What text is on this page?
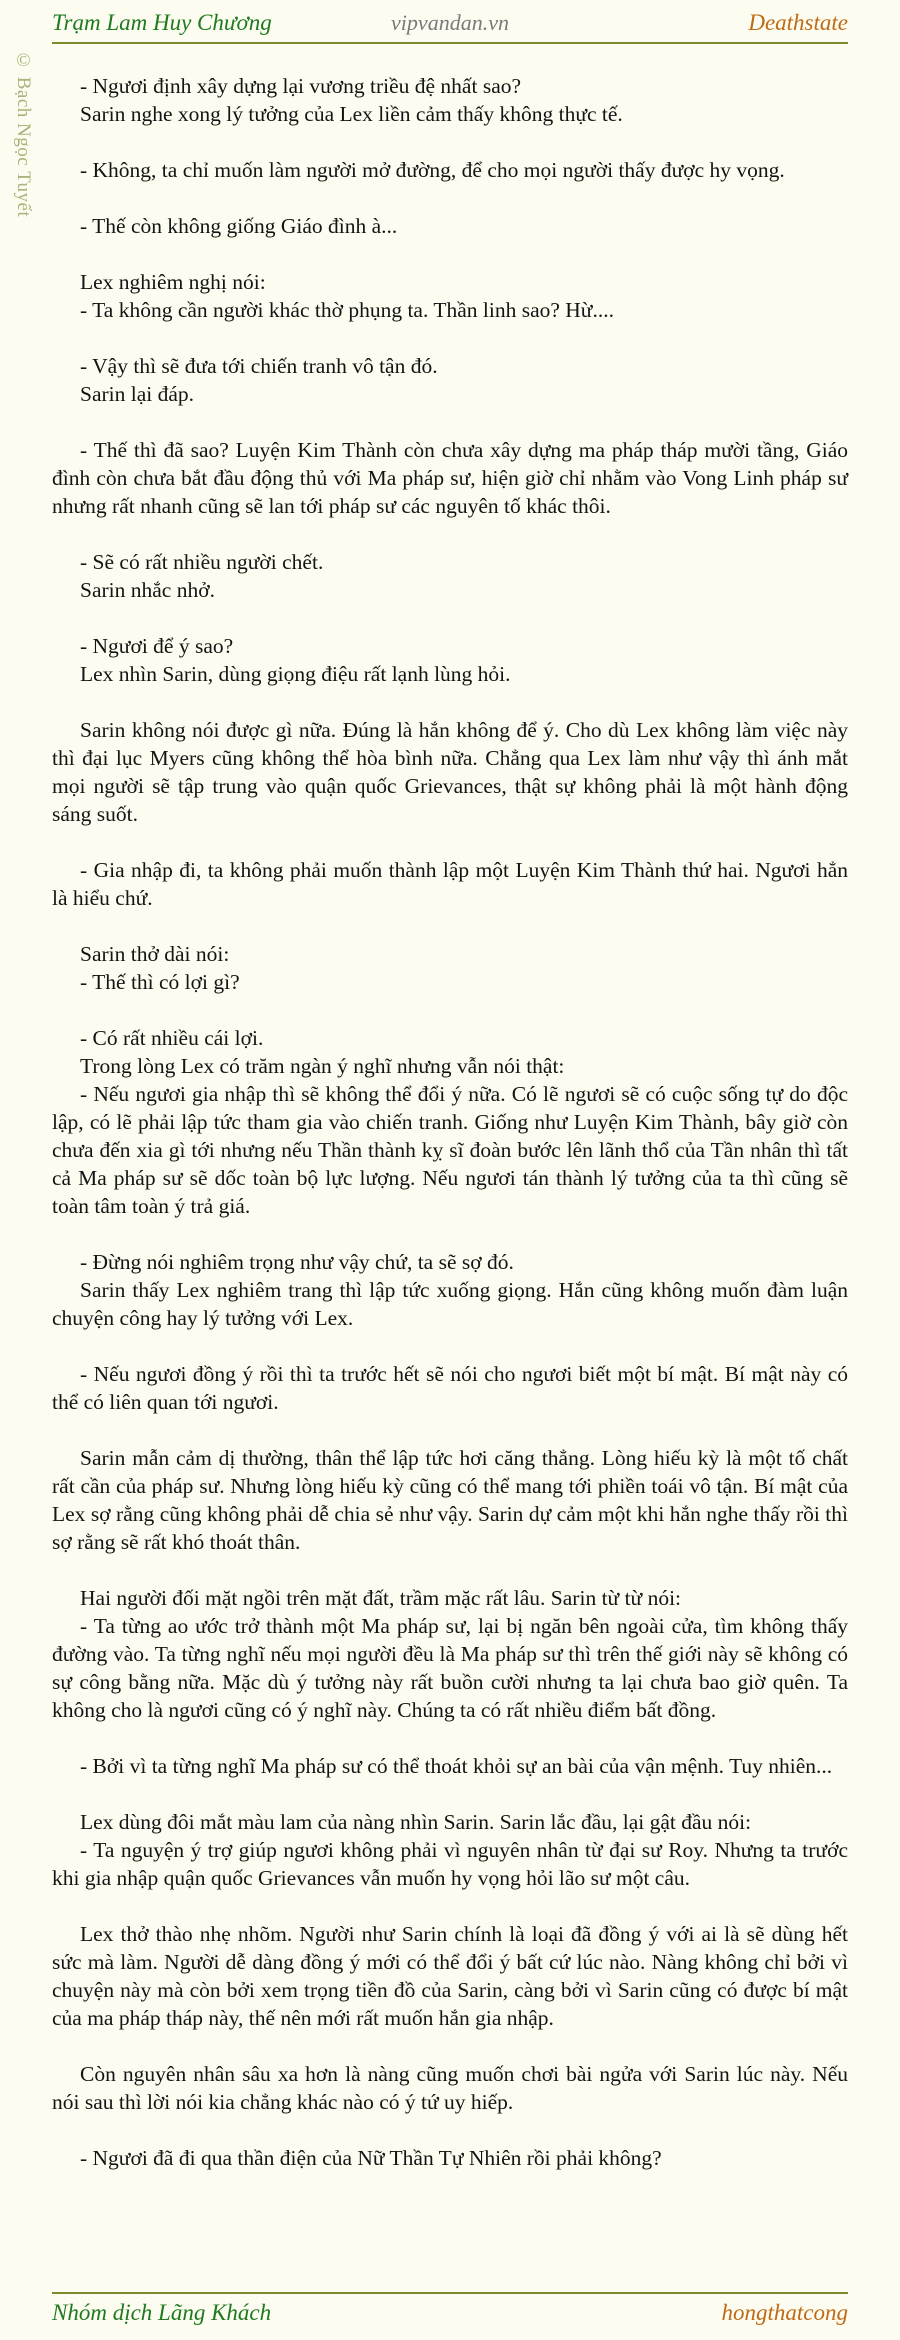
Trạm Lam Huy Chương	vipvandan.vn	Deathstate
© Bạch Ngọc Tuyết	- Ngươi định xây dựng lại vương triều đệ nhất sao?
Sarin nghe xong lý tưởng của Lex liền cảm thấy không thực tế.

- Không, ta chỉ muốn làm người mở đường, để cho mọi người thấy được hy vọng.

- Thế còn không giống Giáo đình à...

Lex nghiêm nghị nói:
- Ta không cần người khác thờ phụng ta. Thần linh sao? Hừ....

- Vậy thì sẽ đưa tới chiến tranh vô tận đó.
Sarin lại đáp.

- Thế thì đã sao? Luyện Kim Thành còn chưa xây dựng ma pháp tháp mười tầng, Giáo đình còn chưa bắt đầu động thủ với Ma pháp sư, hiện giờ chỉ nhằm vào Vong Linh pháp sư nhưng rất nhanh cũng sẽ lan tới pháp sư các nguyên tố khác thôi.

- Sẽ có rất nhiều người chết.
Sarin nhắc nhở.

- Ngươi để ý sao?
Lex nhìn Sarin, dùng giọng điệu rất lạnh lùng hỏi.

Sarin không nói được gì nữa. Đúng là hắn không để ý. Cho dù Lex không làm việc này thì đại lục Myers cũng không thể hòa bình nữa. Chẳng qua Lex làm như vậy thì ánh mắt mọi người sẽ tập trung vào quận quốc Grievances, thật sự không phải là một hành động sáng suốt.

- Gia nhập đi, ta không phải muốn thành lập một Luyện Kim Thành thứ hai. Ngươi hẳn là hiểu chứ.

Sarin thở dài nói:
- Thế thì có lợi gì?

- Có rất nhiều cái lợi.
Trong lòng Lex có trăm ngàn ý nghĩ nhưng vẫn nói thật:
- Nếu ngươi gia nhập thì sẽ không thể đổi ý nữa. Có lẽ ngươi sẽ có cuộc sống tự do độc lập, có lẽ phải lập tức tham gia vào chiến tranh. Giống như Luyện Kim Thành, bây giờ còn chưa đến xia gì tới nhưng nếu Thần thành kỵ sĩ đoàn bước lên lãnh thổ của Tần nhân thì tất cả Ma pháp sư sẽ dốc toàn bộ lực lượng. Nếu ngươi tán thành lý tưởng của ta thì cũng sẽ toàn tâm toàn ý trả giá.

- Đừng nói nghiêm trọng như vậy chứ, ta sẽ sợ đó.
Sarin thấy Lex nghiêm trang thì lập tức xuống giọng. Hắn cũng không muốn đàm luận chuyện công hay lý tưởng với Lex.

- Nếu ngươi đồng ý rồi thì ta trước hết sẽ nói cho ngươi biết một bí mật. Bí mật này có thể có liên quan tới ngươi.

Sarin mẫn cảm dị thường, thân thể lập tức hơi căng thẳng. Lòng hiếu kỳ là một tố chất rất cần của pháp sư. Nhưng lòng hiếu kỳ cũng có thể mang tới phiền toái vô tận. Bí mật của Lex sợ rằng cũng không phải dễ chia sẻ như vậy. Sarin dự cảm một khi hắn nghe thấy rồi thì sợ rằng sẽ rất khó thoát thân.

Hai người đối mặt ngồi trên mặt đất, trầm mặc rất lâu. Sarin từ từ nói:
- Ta từng ao ước trở thành một Ma pháp sư, lại bị ngăn bên ngoài cửa, tìm không thấy đường vào. Ta từng nghĩ nếu mọi người đều là Ma pháp sư thì trên thế giới này sẽ không có sự công bằng nữa. Mặc dù ý tưởng này rất buồn cười nhưng ta lại chưa bao giờ quên. Ta không cho là ngươi cũng có ý nghĩ này. Chúng ta có rất nhiều điểm bất đồng.

- Bởi vì ta từng nghĩ Ma pháp sư có thể thoát khỏi sự an bài của vận mệnh. Tuy nhiên...

Lex dùng đôi mắt màu lam của nàng nhìn Sarin. Sarin lắc đầu, lại gật đầu nói:
- Ta nguyện ý trợ giúp ngươi không phải vì nguyên nhân từ đại sư Roy. Nhưng ta trước khi gia nhập quận quốc Grievances vẫn muốn hy vọng hỏi lão sư một câu.

Lex thở thào nhẹ nhõm. Người như Sarin chính là loại đã đồng ý với ai là sẽ dùng hết sức mà làm. Người dễ dàng đồng ý mới có thể đổi ý bất cứ lúc nào. Nàng không chỉ bởi vì chuyện này mà còn bởi xem trọng tiền đồ của Sarin, càng bởi vì Sarin cũng có được bí mật của ma pháp tháp này, thế nên mới rất muốn hắn gia nhập.

Còn nguyên nhân sâu xa hơn là nàng cũng muốn chơi bài ngửa với Sarin lúc này. Nếu nói sau thì lời nói kia chẳng khác nào có ý tứ uy hiếp.

- Ngươi đã đi qua thần điện của Nữ Thần Tự Nhiên rồi phải không?

Nhóm dịch Lãng Khách	hongthatcong
